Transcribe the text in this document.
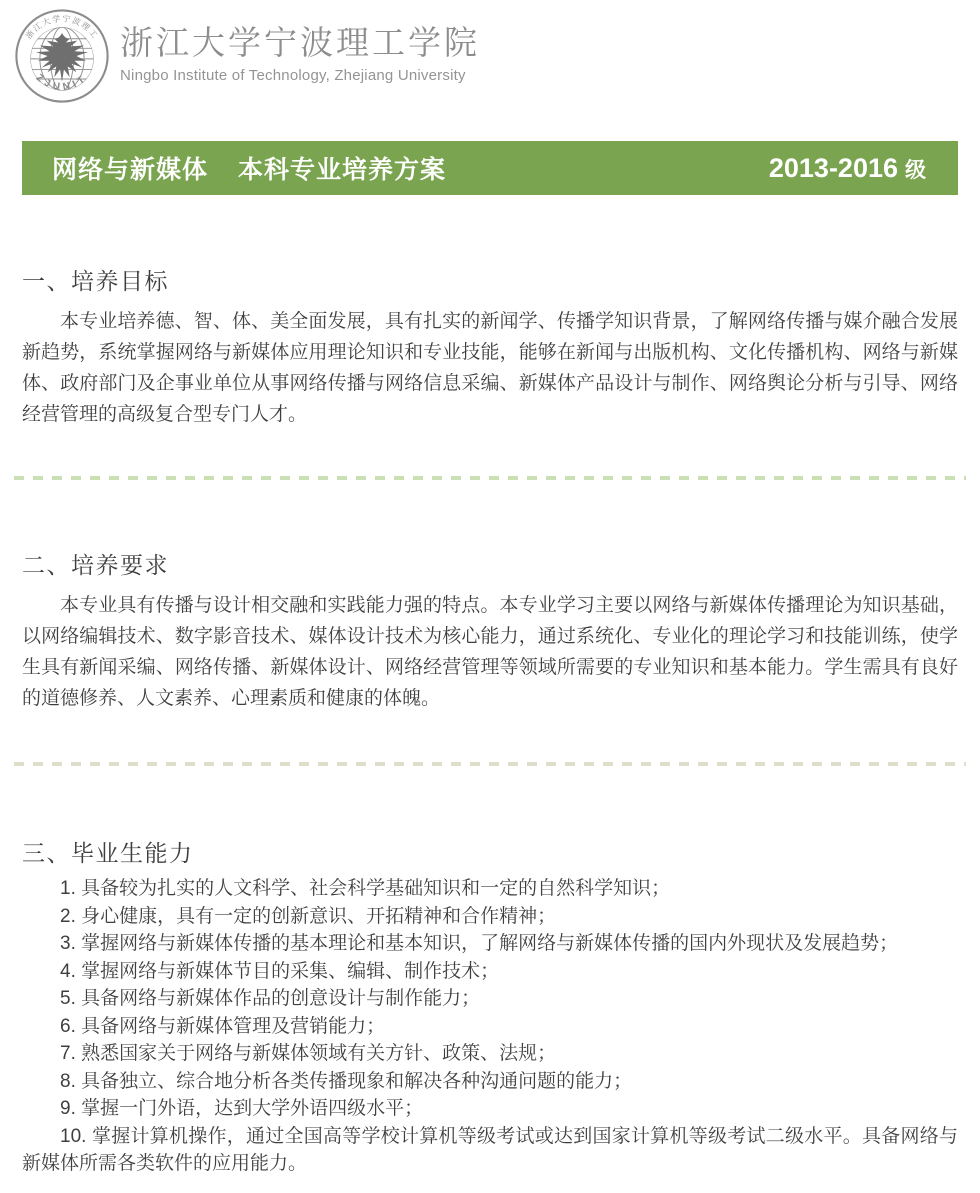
浙江大学宁波理工
ZJUNIT
浙江大学宁波理工学院
Ningbo Institute of Technology, Zhejiang University
网络与新媒体 本科专业培养方案	2013-2016 级
一、培养目标

本专业培养德、智、体、美全面发展，具有扎实的新闻学、传播学知识背景，了解网络传播与媒介融合发展新趋势，系统掌握网络与新媒体应用理论知识和专业技能，能够在新闻与出版机构、文化传播机构、网络与新媒体、政府部门及企事业单位从事网络传播与网络信息采编、新媒体产品设计与制作、网络舆论分析与引导、网络经营管理的高级复合型专门人才。

二、培养要求

本专业具有传播与设计相交融和实践能力强的特点。本专业学习主要以网络与新媒体传播理论为知识基础，以网络编辑技术、数字影音技术、媒体设计技术为核心能力，通过系统化、专业化的理论学习和技能训练，使学生具有新闻采编、网络传播、新媒体设计、网络经营管理等领域所需要的专业知识和基本能力。学生需具有良好的道德修养、人文素养、心理素质和健康的体魄。

三、毕业生能力

1. 具备较为扎实的人文科学、社会科学基础知识和一定的自然科学知识；

2. 身心健康，具有一定的创新意识、开拓精神和合作精神；

3. 掌握网络与新媒体传播的基本理论和基本知识，了解网络与新媒体传播的国内外现状及发展趋势；

4. 掌握网络与新媒体节目的采集、编辑、制作技术；

5. 具备网络与新媒体作品的创意设计与制作能力；

6. 具备网络与新媒体管理及营销能力；

7. 熟悉国家关于网络与新媒体领域有关方针、政策、法规；

8. 具备独立、综合地分析各类传播现象和解决各种沟通问题的能力；

9. 掌握一门外语，达到大学外语四级水平；

10. 掌握计算机操作，通过全国高等学校计算机等级考试或达到国家计算机等级考试二级水平。具备网络与新媒体所需各类软件的应用能力。
